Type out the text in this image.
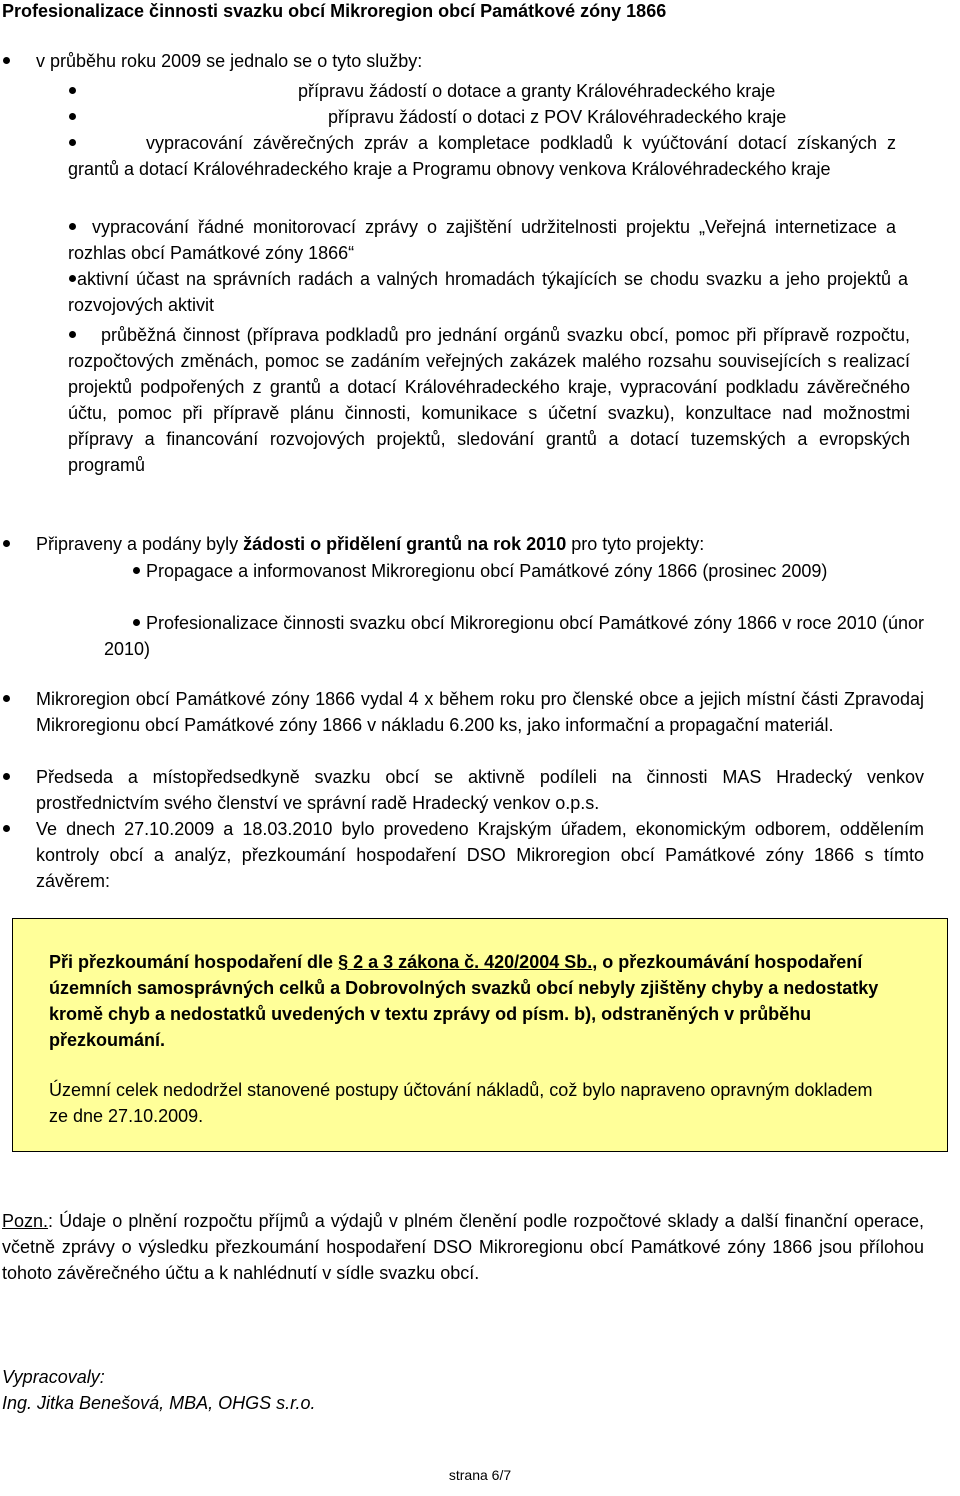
Profesionalizace činnosti svazku obcí Mikroregion obcí Památkové zóny 1866
v průběhu roku 2009 se jednalo se o tyto služby:
přípravu žádostí o dotace a granty Královéhradeckého kraje
přípravu žádostí o dotaci z POV Královéhradeckého kraje
vypracování závěrečných zpráv a kompletace podkladů k vyúčtování dotací získaných z grantů a dotací Královéhradeckého kraje a Programu obnovy venkova Královéhradeckého kraje
vypracování řádné monitorovací zprávy o zajištění udržitelnosti projektu „Veřejná internetizace a rozhlas obcí Památkové zóny 1866“
aktivní účast na správních radách a valných hromadách týkajících se chodu svazku a jeho projektů a rozvojových aktivit
průběžná činnost (příprava podkladů pro jednání orgánů svazku obcí, pomoc při přípravě rozpočtu, rozpočtových změnách, pomoc se zadáním veřejných zakázek malého rozsahu souvisejících s realizací projektů podpořených z grantů a dotací Královéhradeckého kraje, vypracování podkladu závěrečného účtu, pomoc při přípravě plánu činnosti, komunikace s účetní svazku), konzultace nad možnostmi přípravy a financování rozvojových projektů, sledování grantů a dotací tuzemských a evropských programů
Připraveny a podány byly žádosti o přidělení grantů na rok 2010 pro tyto projekty:
Propagace a informovanost Mikroregionu obcí Památkové zóny 1866 (prosinec 2009)
Profesionalizace činnosti svazku obcí Mikroregionu obcí Památkové zóny 1866 v roce 2010 (únor 2010)
Mikroregion obcí Památkové zóny 1866 vydal 4 x během roku pro členské obce a jejich místní části Zpravodaj Mikroregionu obcí Památkové zóny 1866 v nákladu 6.200 ks, jako informační a propagační materiál.
Předseda a místopředsedkyně svazku obcí se aktivně podíleli na činnosti MAS Hradecký venkov prostřednictvím svého členství ve správní radě Hradecký venkov o.p.s.
Ve dnech 27.10.2009 a 18.03.2010 bylo provedeno Krajským úřadem, ekonomickým odborem, oddělením kontroly obcí a analýz, přezkoumání hospodaření DSO Mikroregion obcí Památkové zóny 1866 s tímto závěrem:
Při přezkoumání hospodaření dle § 2 a 3 zákona č. 420/2004 Sb., o přezkoumávání hospodaření územních samosprávných celků a Dobrovolných svazků obcí nebyly zjištěny chyby a nedostatky kromě chyb a nedostatků uvedených v textu zprávy od písm. b), odstraněných v průběhu přezkoumání.
Územní celek nedodržel stanovené postupy účtování nákladů, což bylo napraveno opravným dokladem ze dne 27.10.2009.
Pozn.: Údaje o plnění rozpočtu příjmů a výdajů v plném členění podle rozpočtové sklady a další finanční operace, včetně zprávy o výsledku přezkoumání hospodaření DSO Mikroregionu obcí Památkové zóny 1866 jsou přílohou tohoto závěrečného účtu a k nahlédnutí v sídle svazku obcí.
Vypracovaly:
Ing. Jitka Benešová, MBA, OHGS s.r.o.
strana 6/7
